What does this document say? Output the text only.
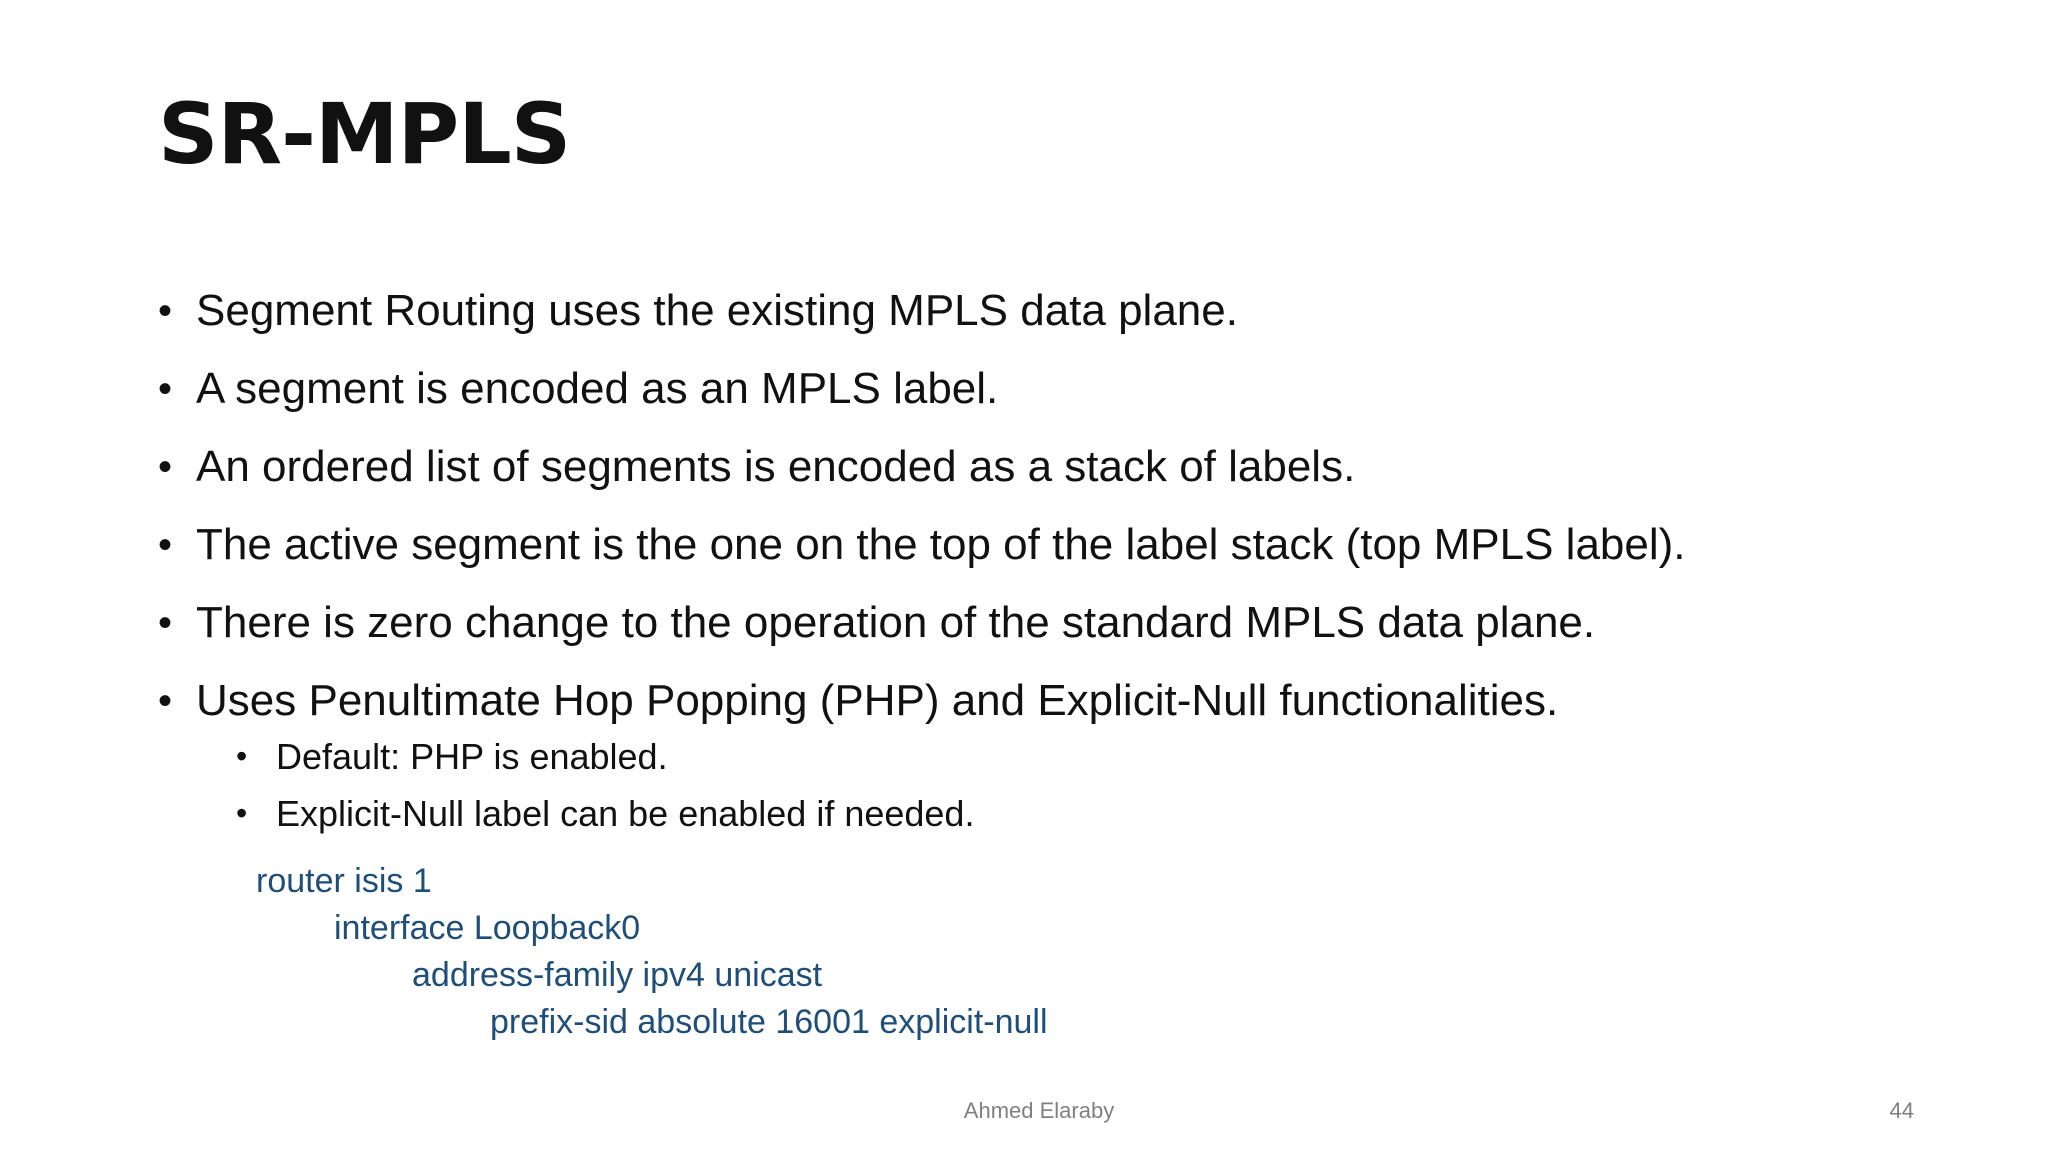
SR-MPLS
• Segment Routing uses the existing MPLS data plane.
• A segment is encoded as an MPLS label.
• An ordered list of segments is encoded as a stack of labels.
• The active segment is the one on the top of the label stack (top MPLS label).
• There is zero change to the operation of the standard MPLS data plane.
• Uses Penultimate Hop Popping (PHP) and Explicit-Null functionalities.
• Default: PHP is enabled.
• Explicit-Null label can be enabled if needed.
router isis 1
interface Loopback0
address-family ipv4 unicast
prefix-sid absolute 16001 explicit-null
Ahmed Elaraby	44
